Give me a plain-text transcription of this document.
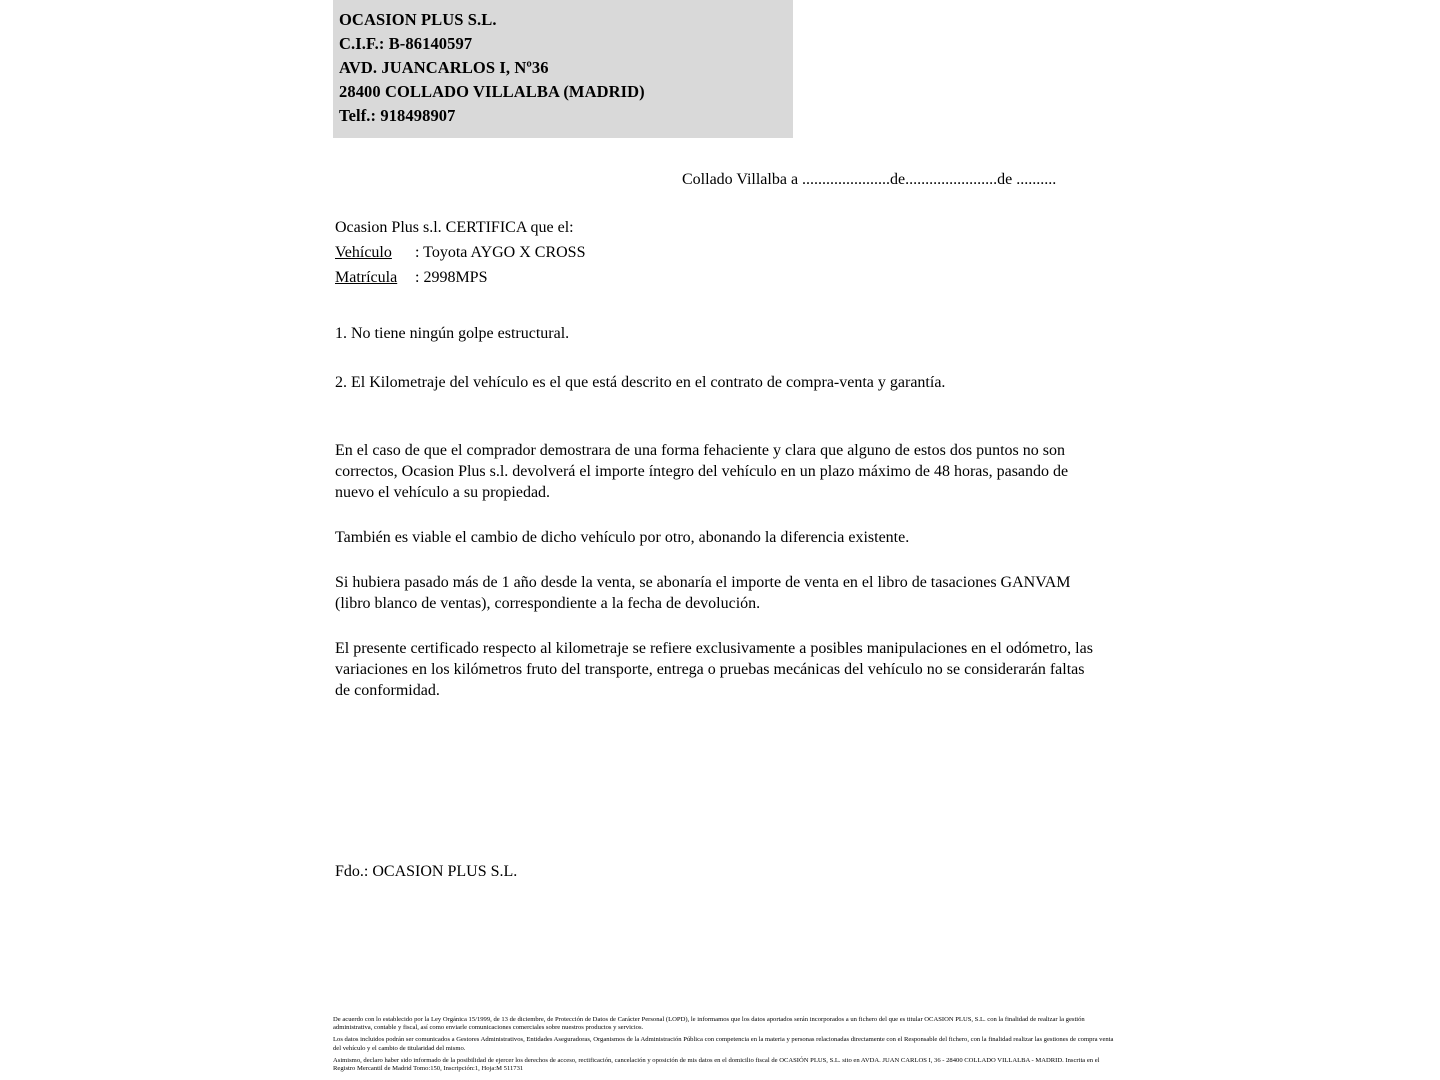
OCASION PLUS S.L.
C.I.F.: B-86140597
AVD. JUANCARLOS I, Nº36
28400 COLLADO VILLALBA (MADRID)
Telf.: 918498907
Collado Villalba a ......................de.......................de ..........
Ocasion Plus s.l. CERTIFICA que el:
Vehículo : Toyota AYGO X CROSS
Matrícula : 2998MPS

1. No tiene ningún golpe estructural.

2. El Kilometraje del vehículo es el que está descrito en el contrato de compra-venta y garantía.

En el caso de que el comprador demostrara de una forma fehaciente y clara que alguno de estos dos puntos no son correctos, Ocasion Plus s.l. devolverá el importe íntegro del vehículo en un plazo máximo de 48 horas, pasando de nuevo el vehículo a su propiedad.

También es viable el cambio de dicho vehículo por otro, abonando la diferencia existente.

Si hubiera pasado más de 1 año desde la venta, se abonaría el importe de venta en el libro de tasaciones GANVAM (libro blanco de ventas), correspondiente a la fecha de devolución.

El presente certificado respecto al kilometraje se refiere exclusivamente a posibles manipulaciones en el odómetro, las variaciones en los kilómetros fruto del transporte, entrega o pruebas mecánicas del vehículo no se considerarán faltas de conformidad.

Fdo.: OCASION PLUS S.L.

De acuerdo con lo establecido por la Ley Orgánica 15/1999, de 13 de diciembre, de Protección de Datos de Carácter Personal (LOPD), le informamos que los datos aportados serán incorporados a un fichero del que es titular OCASION PLUS, S.L. con la finalidad de realizar la gestión administrativa, contable y fiscal, así como enviarle comunicaciones comerciales sobre nuestros productos y servicios.

Los datos incluidos podrán ser comunicados a Gestores Administrativos, Entidades Aseguradoras, Organismos de la Administración Pública con competencia en la materia y personas relacionadas directamente con el Responsable del fichero, con la finalidad realizar las gestiones de compra venta del vehículo y el cambio de titularidad del mismo.

Asimismo, declaro haber sido informado de la posibilidad de ejercer los derechos de acceso, rectificación, cancelación y oposición de mis datos en el domicilio fiscal de OCASIÓN PLUS, S.L. sito en AVDA. JUAN CARLOS I, 36 - 28400 COLLADO VILLALBA - MADRID. Inscrita en el Registro Mercantil de Madrid Tomo:150, Inscripción:1, Hoja:M 511731
